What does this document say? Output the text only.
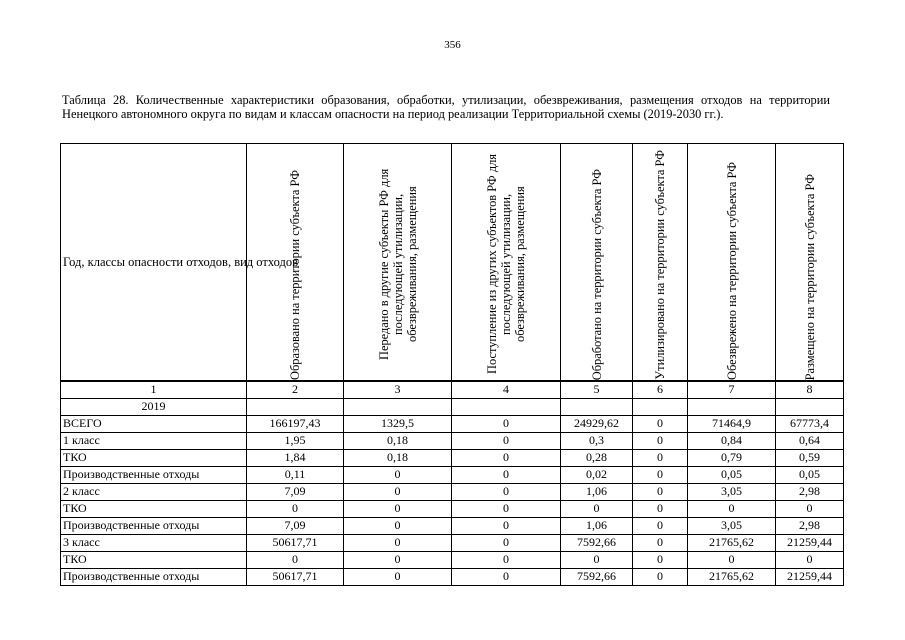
356
Таблица 28. Количественные характеристики образования, обработки, утилизации, обезвреживания, размещения отходов на территории Ненецкого автономного округа по видам и классам опасности на период реализации Территориальной схемы (2019-2030 гг.).
Год, классы опасности отходов, вид отходов	Образовано на территории субъекта РФ	Передано в другие субъекты РФ для последующей утилизации, обезвреживания, размещения	Поступление из других субъектов РФ для последующей утилизации, обезвреживания, размещения	Обработано на территории субъекта РФ	Утилизировано на территории субъекта РФ	Обезврежено на территории субъекта РФ	Размещено на территории субъекта РФ

1	2	3	4	5	6	7	8
2019							
ВСЕГО	166197,43	1329,5	0	24929,62	0	71464,9	67773,4
1 класс	1,95	0,18	0	0,3	0	0,84	0,64
ТКО	1,84	0,18	0	0,28	0	0,79	0,59
Производственные отходы	0,11	0	0	0,02	0	0,05	0,05
2 класс	7,09	0	0	1,06	0	3,05	2,98
ТКО	0	0	0	0	0	0	0
Производственные отходы	7,09	0	0	1,06	0	3,05	2,98
3 класс	50617,71	0	0	7592,66	0	21765,62	21259,44
ТКО	0	0	0	0	0	0	0
Производственные отходы	50617,71	0	0	7592,66	0	21765,62	21259,44
